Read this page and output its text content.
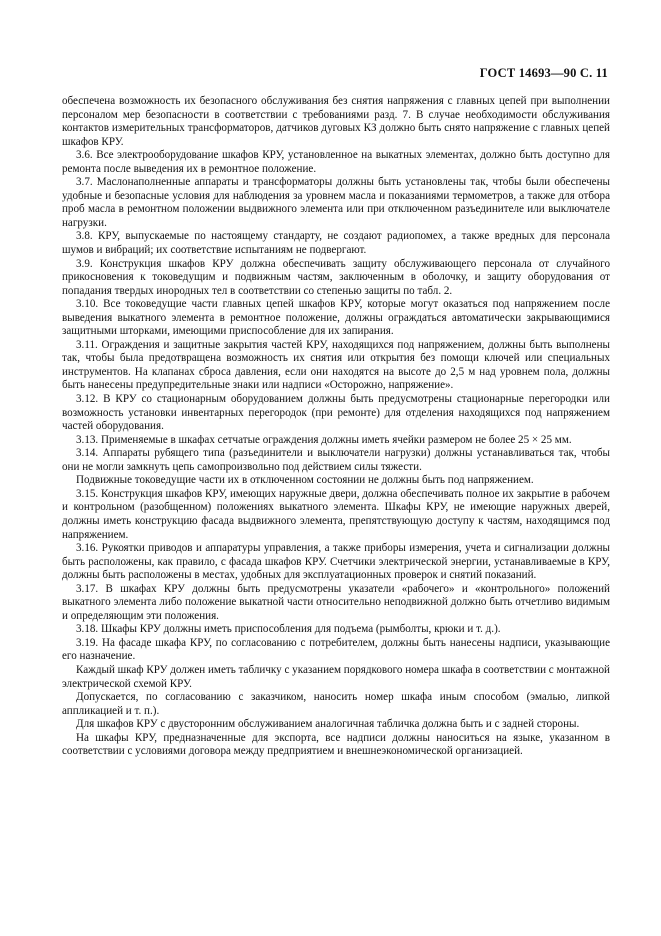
ГОСТ 14693—90 С. 11

обеспечена возможность их безопасного обслуживания без снятия напряжения с главных цепей при выполнении персоналом мер безопасности в соответствии с требованиями разд. 7. В случае необходимости обслуживания контактов измерительных трансформаторов, датчиков дуговых КЗ должно быть снято напряжение с главных цепей шкафов КРУ.

3.6. Все электрооборудование шкафов КРУ, установленное на выкатных элементах, должно быть доступно для ремонта после выведения их в ремонтное положение.

3.7. Маслонаполненные аппараты и трансформаторы должны быть установлены так, чтобы были обеспечены удобные и безопасные условия для наблюдения за уровнем масла и показаниями термометров, а также для отбора проб масла в ремонтном положении выдвижного элемента или при отключенном разъединителе или выключателе нагрузки.

3.8. КРУ, выпускаемые по настоящему стандарту, не создают радиопомех, а также вредных для персонала шумов и вибраций; их соответствие испытаниям не подвергают.

3.9. Конструкция шкафов КРУ должна обеспечивать защиту обслуживающего персонала от случайного прикосновения к токоведущим и подвижным частям, заключенным в оболочку, и защиту оборудования от попадания твердых инородных тел в соответствии со степенью защиты по табл. 2.

3.10. Все токоведущие части главных цепей шкафов КРУ, которые могут оказаться под напряжением после выведения выкатного элемента в ремонтное положение, должны ограждаться автоматически закрывающимися защитными шторками, имеющими приспособление для их запирания.

3.11. Ограждения и защитные закрытия частей КРУ, находящихся под напряжением, должны быть выполнены так, чтобы была предотвращена возможность их снятия или открытия без помощи ключей или специальных инструментов. На клапанах сброса давления, если они находятся на высоте до 2,5 м над уровнем пола, должны быть нанесены предупредительные знаки или надписи «Осторожно, напряжение».

3.12. В КРУ со стационарным оборудованием должны быть предусмотрены стационарные перегородки или возможность установки инвентарных перегородок (при ремонте) для отделения находящихся под напряжением частей оборудования.

3.13. Применяемые в шкафах сетчатые ограждения должны иметь ячейки размером не более 25 × 25 мм.

3.14. Аппараты рубящего типа (разъединители и выключатели нагрузки) должны устанавливаться так, чтобы они не могли замкнуть цепь самопроизвольно под действием силы тяжести.

Подвижные токоведущие части их в отключенном состоянии не должны быть под напряжением.

3.15. Конструкция шкафов КРУ, имеющих наружные двери, должна обеспечивать полное их закрытие в рабочем и контрольном (разобщенном) положениях выкатного элемента. Шкафы КРУ, не имеющие наружных дверей, должны иметь конструкцию фасада выдвижного элемента, препятствующую доступу к частям, находящимся под напряжением.

3.16. Рукоятки приводов и аппаратуры управления, а также приборы измерения, учета и сигнализации должны быть расположены, как правило, с фасада шкафов КРУ. Счетчики электрической энергии, устанавливаемые в КРУ, должны быть расположены в местах, удобных для эксплуатационных проверок и снятий показаний.

3.17. В шкафах КРУ должны быть предусмотрены указатели «рабочего» и «контрольного» положений выкатного элемента либо положение выкатной части относительно неподвижной должно быть отчетливо видимым и определяющим эти положения.

3.18. Шкафы КРУ должны иметь приспособления для подъема (рымболты, крюки и т. д.).

3.19. На фасаде шкафа КРУ, по согласованию с потребителем, должны быть нанесены надписи, указывающие его назначение.

Каждый шкаф КРУ должен иметь табличку с указанием порядкового номера шкафа в соответствии с монтажной электрической схемой КРУ.

Допускается, по согласованию с заказчиком, наносить номер шкафа иным способом (эмалью, липкой аппликацией и т. п.).

Для шкафов КРУ с двусторонним обслуживанием аналогичная табличка должна быть и с задней стороны.

На шкафы КРУ, предназначенные для экспорта, все надписи должны наноситься на языке, указанном в соответствии с условиями договора между предприятием и внешнеэкономической организацией.
